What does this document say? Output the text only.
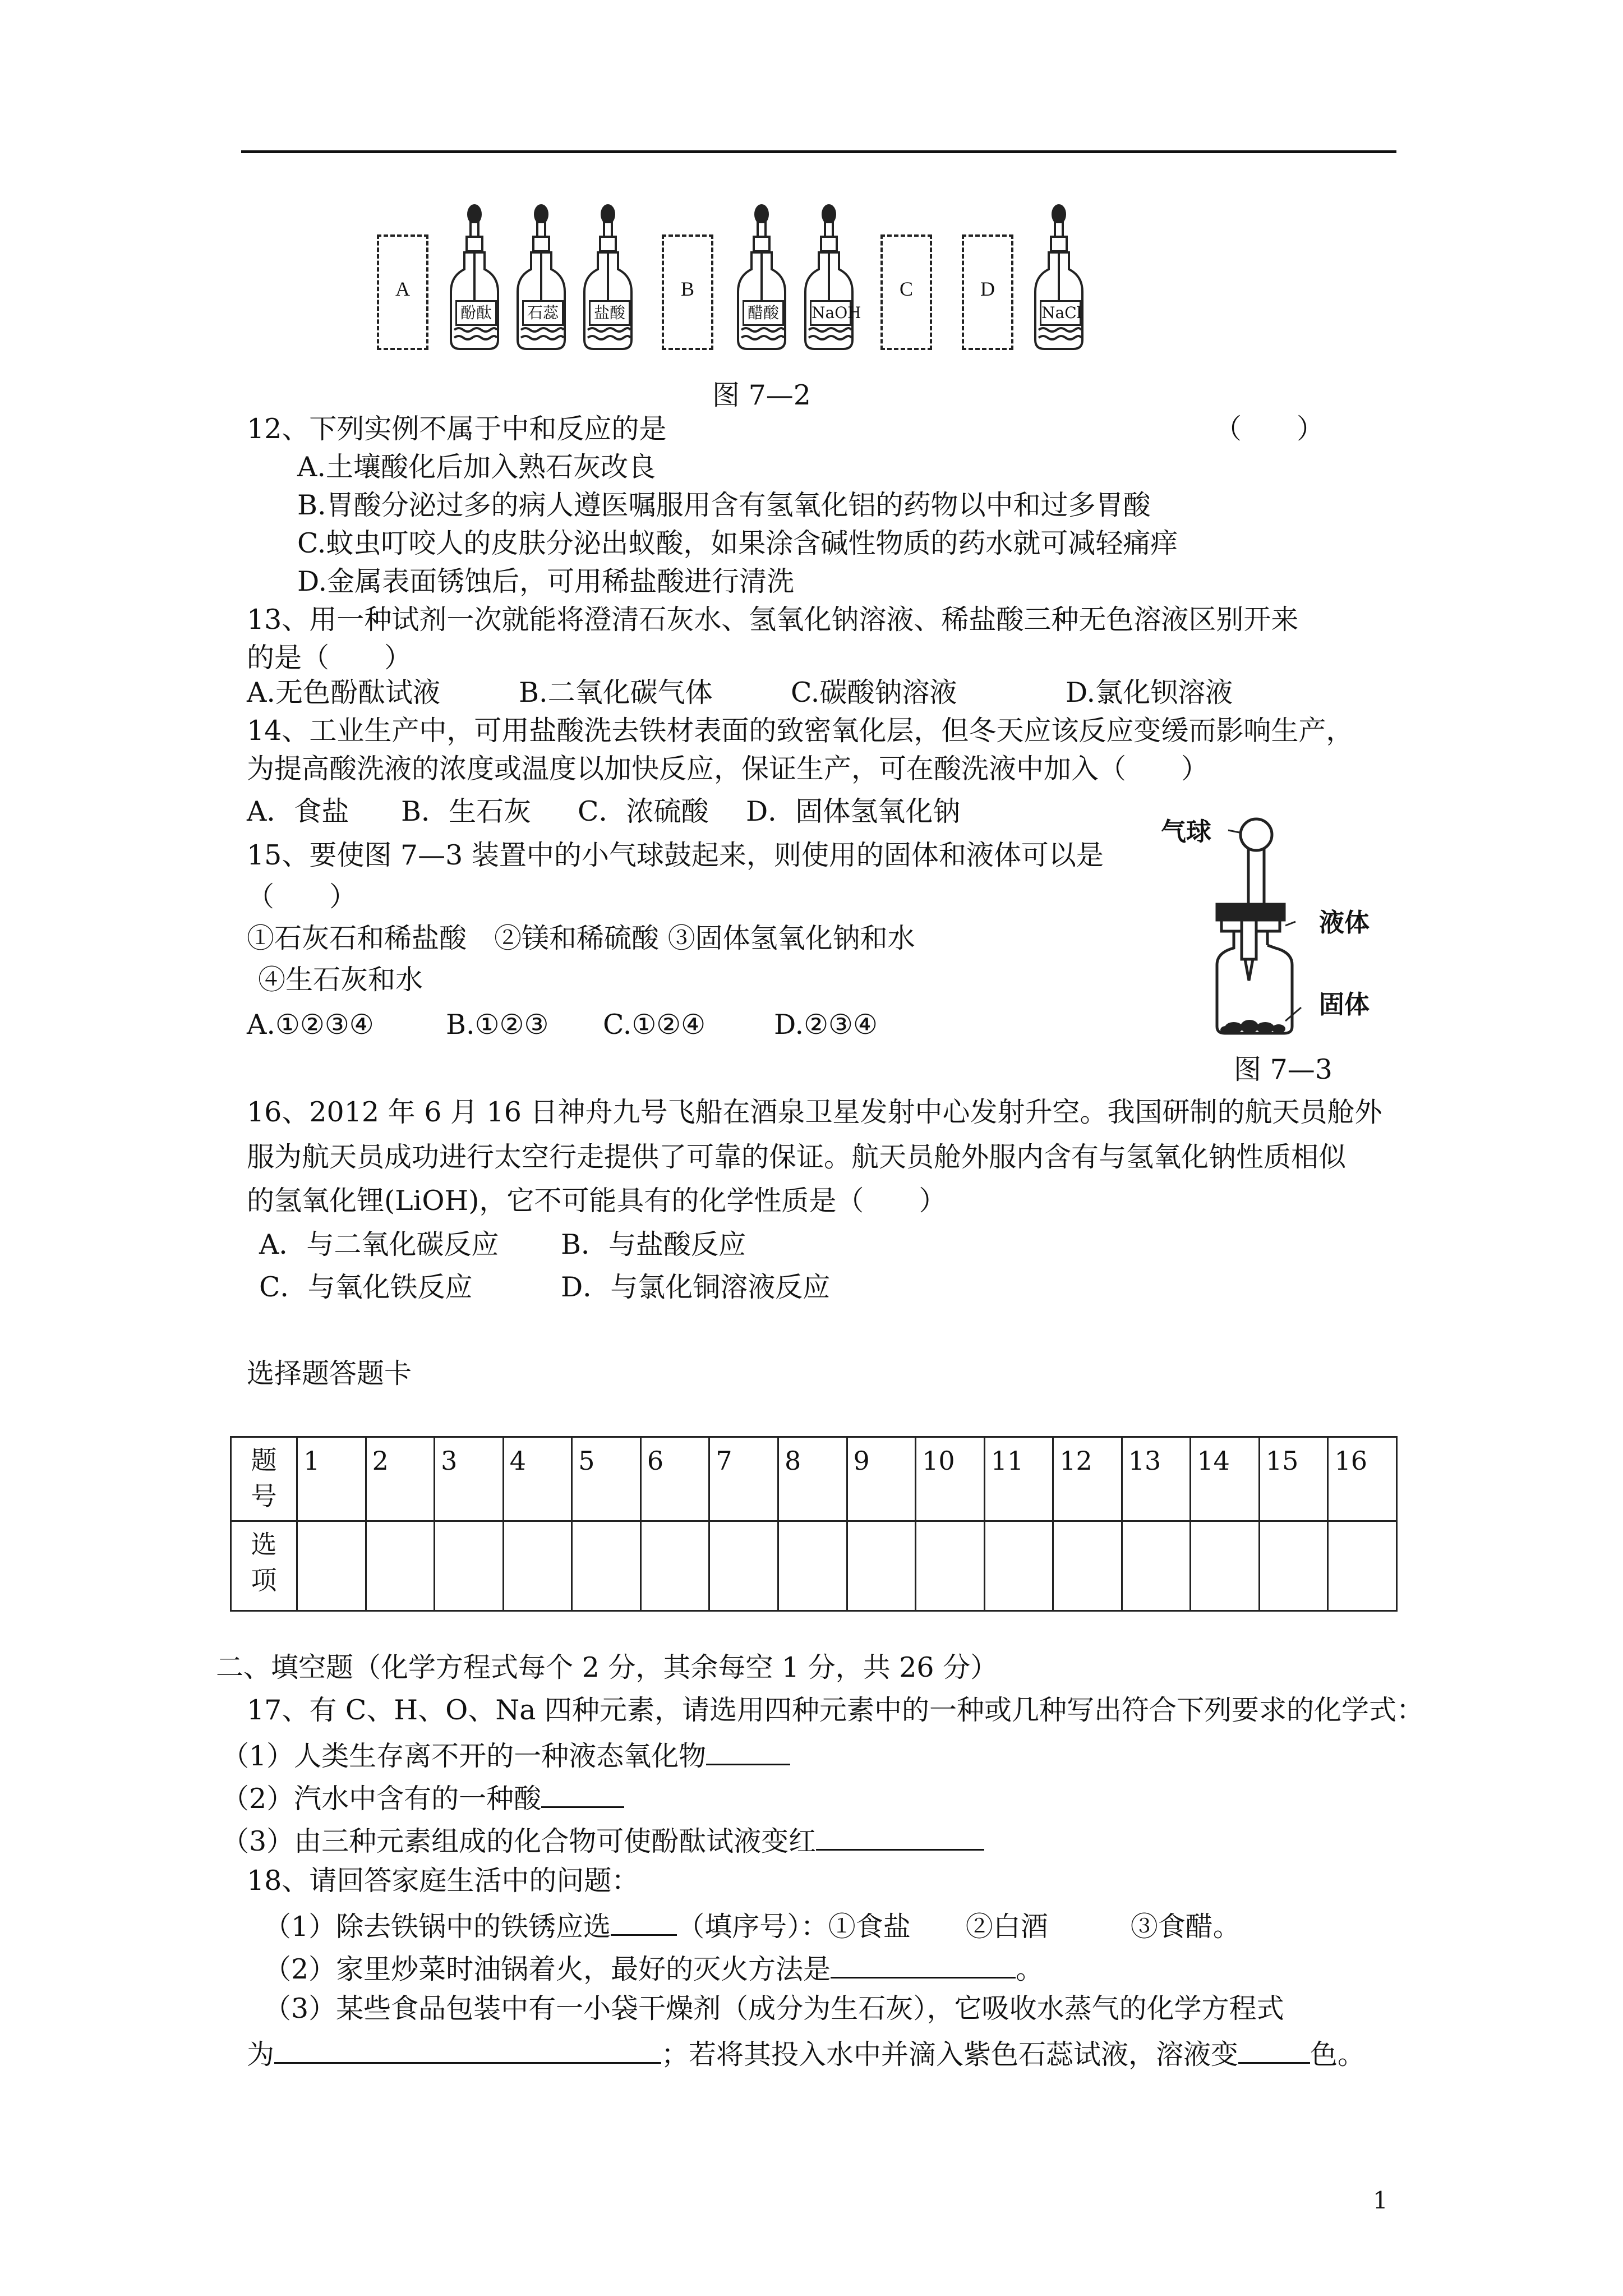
A	B	C	D
酚酞	石蕊	盐酸	醋酸	NaOH	NaCl
图 7—2
12、下列实例不属于中和反应的是	（　　）
A.土壤酸化后加入熟石灰改良
B.胃酸分泌过多的病人遵医嘱服用含有氢氧化铝的药物以中和过多胃酸
C.蚊虫叮咬人的皮肤分泌出蚁酸，如果涂含碱性物质的药水就可减轻痛痒
D.金属表面锈蚀后，可用稀盐酸进行清洗
13、用一种试剂一次就能将澄清石灰水、氢氧化钠溶液、稀盐酸三种无色溶液区别开来
的是（　　）
A.无色酚酞试液	B.二氧化碳气体	C.碳酸钠溶液	D.氯化钡溶液
14、工业生产中，可用盐酸洗去铁材表面的致密氧化层，但冬天应该反应变缓而影响生产，
为提高酸洗液的浓度或温度以加快反应，保证生产，可在酸洗液中加入（　　）
A．食盐 B．生石灰 C．浓硫酸 D．固体氢氧化钠
15、要使图 7—3 装置中的小气球鼓起来，则使用的固体和液体可以是
（　　）
①石灰石和稀盐酸　②镁和稀硫酸 ③固体氢氧化钠和水
④生石灰和水
A.①②③④	B.①②③ C.①②④ D.②③④
气球
液体
固体
图 7—3
16、2012 年 6 月 16 日神舟九号飞船在酒泉卫星发射中心发射升空。我国研制的航天员舱外
服为航天员成功进行太空行走提供了可靠的保证。航天员舱外服内含有与氢氧化钠性质相似
的氢氧化锂(LiOH)，它不可能具有的化学性质是（　　）
A．与二氧化碳反应 B．与盐酸反应
C．与氧化铁反应	D．与氯化铜溶液反应
选择题答题卡
题
号	1	2	3	4	5	6	7	8	9	10	11	12	13	14	15	16
选
项																
二、填空题（化学方程式每个 2 分，其余每空 1 分，共 26 分）
17、有 C、H、O、Na 四种元素，请选用四种元素中的一种或几种写出符合下列要求的化学式：
（1）人类生存离不开的一种液态氧化物
（2）汽水中含有的一种酸
（3）由三种元素组成的化合物可使酚酞试液变红
18、请回答家庭生活中的问题：
（1）除去铁锅中的铁锈应选 （填序号）：①食盐　　②白酒　　　③食醋。
（2）家里炒菜时油锅着火，最好的灭火方法是	。
（3）某些食品包装中有一小袋干燥剂（成分为生石灰），它吸收水蒸气的化学方程式
为	；若将其投入水中并滴入紫色石蕊试液，溶液变	色。
1
